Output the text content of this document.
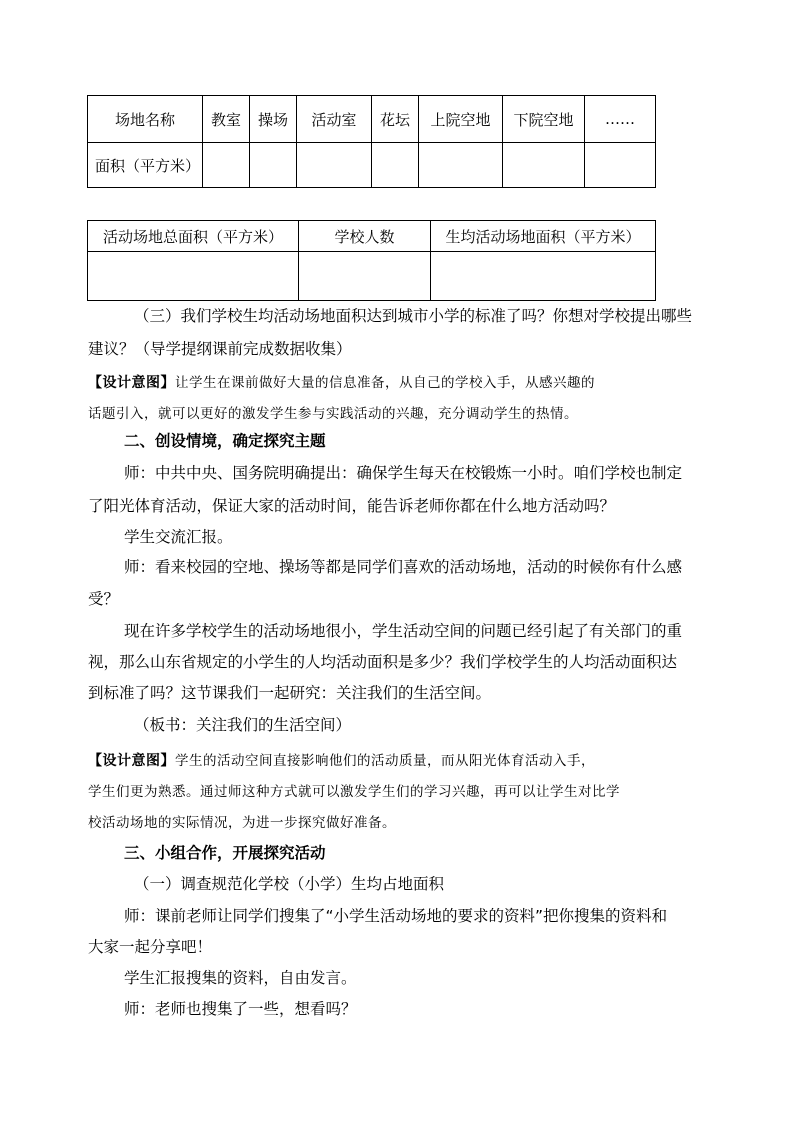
场地名称	教室	操场	活动室	花坛	上院空地	下院空地	……
面积（平方米）							
活动场地总面积（平方米）	学校人数	生均活动场地面积（平方米）

（三）我们学校生均活动场地面积达到城市小学的标准了吗？你想对学校提出哪些
建议？（导学提纲课前完成数据收集）
【设计意图】让学生在课前做好大量的信息准备，从自己的学校入手，从感兴趣的
话题引入，就可以更好的激发学生参与实践活动的兴趣，充分调动学生的热情。
二、创设情境，确定探究主题
师：中共中央、国务院明确提出：确保学生每天在校锻炼一小时。咱们学校也制定
了阳光体育活动，保证大家的活动时间，能告诉老师你都在什么地方活动吗？
学生交流汇报。
师：看来校园的空地、操场等都是同学们喜欢的活动场地，活动的时候你有什么感
受？
现在许多学校学生的活动场地很小，学生活动空间的问题已经引起了有关部门的重
视，那么山东省规定的小学生的人均活动面积是多少？我们学校学生的人均活动面积达
到标准了吗？这节课我们一起研究：关注我们的生活空间。
（板书：关注我们的生活空间）
【设计意图】学生的活动空间直接影响他们的活动质量，而从阳光体育活动入手，
学生们更为熟悉。通过师这种方式就可以激发学生们的学习兴趣，再可以让学生对比学
校活动场地的实际情况，为进一步探究做好准备。
三、小组合作，开展探究活动
（一）调查规范化学校（小学）生均占地面积
师：课前老师让同学们搜集了“小学生活动场地的要求的资料”把你搜集的资料和
大家一起分享吧！
学生汇报搜集的资料，自由发言。
师：老师也搜集了一些，想看吗？
